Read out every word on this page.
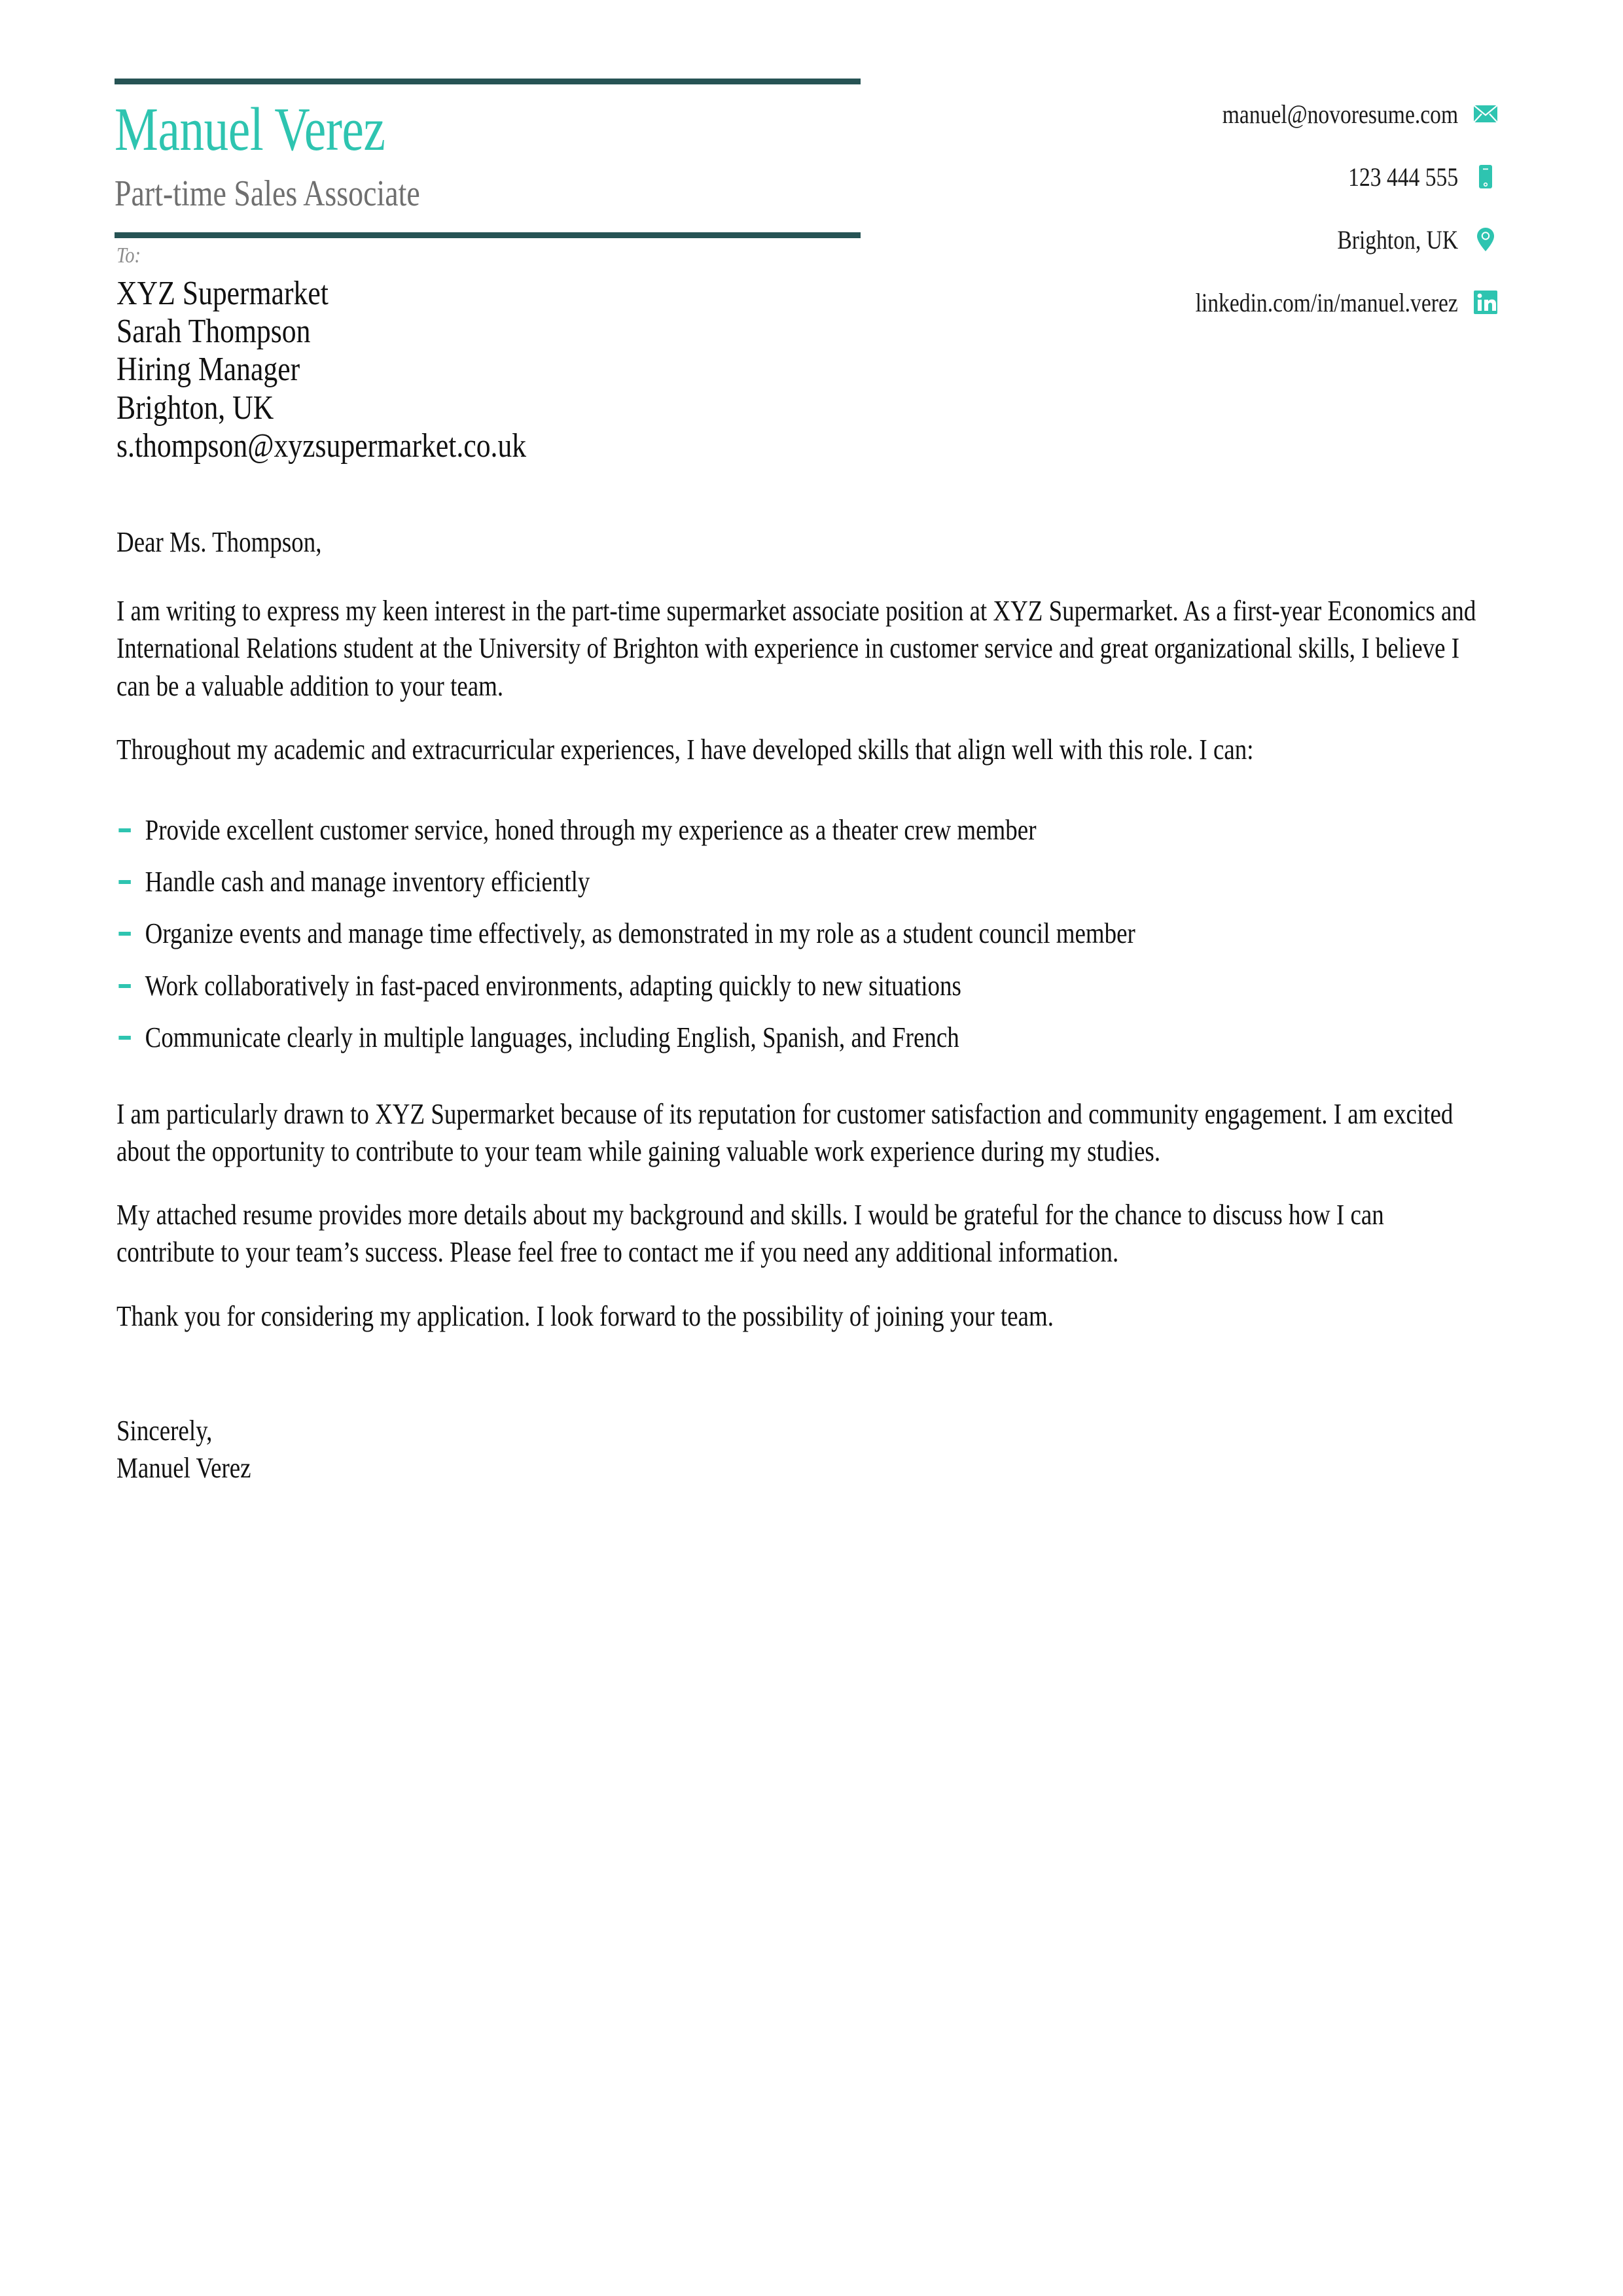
Manuel Verez
Part-time Sales Associate
manuel@novoresume.com
123 444 555
Brighton, UK
linkedin.com/in/manuel.verez
To:
XYZ Supermarket
Sarah Thompson
Hiring Manager
Brighton, UK
s.thompson@xyzsupermarket.co.uk
Dear Ms. Thompson,
I am writing to express my keen interest in the part-time supermarket associate position at XYZ Supermarket. As a first-year Economics and International Relations student at the University of Brighton with experience in customer service and great organizational skills, I believe I can be a valuable addition to your team.
Throughout my academic and extracurricular experiences, I have developed skills that align well with this role. I can:
Provide excellent customer service, honed through my experience as a theater crew member
Handle cash and manage inventory efficiently
Organize events and manage time effectively, as demonstrated in my role as a student council member
Work collaboratively in fast-paced environments, adapting quickly to new situations
Communicate clearly in multiple languages, including English, Spanish, and French
I am particularly drawn to XYZ Supermarket because of its reputation for customer satisfaction and community engagement. I am excited about the opportunity to contribute to your team while gaining valuable work experience during my studies.
My attached resume provides more details about my background and skills. I would be grateful for the chance to discuss how I can contribute to your team’s success. Please feel free to contact me if you need any additional information.
Thank you for considering my application. I look forward to the possibility of joining your team.
Sincerely,
Manuel Verez
